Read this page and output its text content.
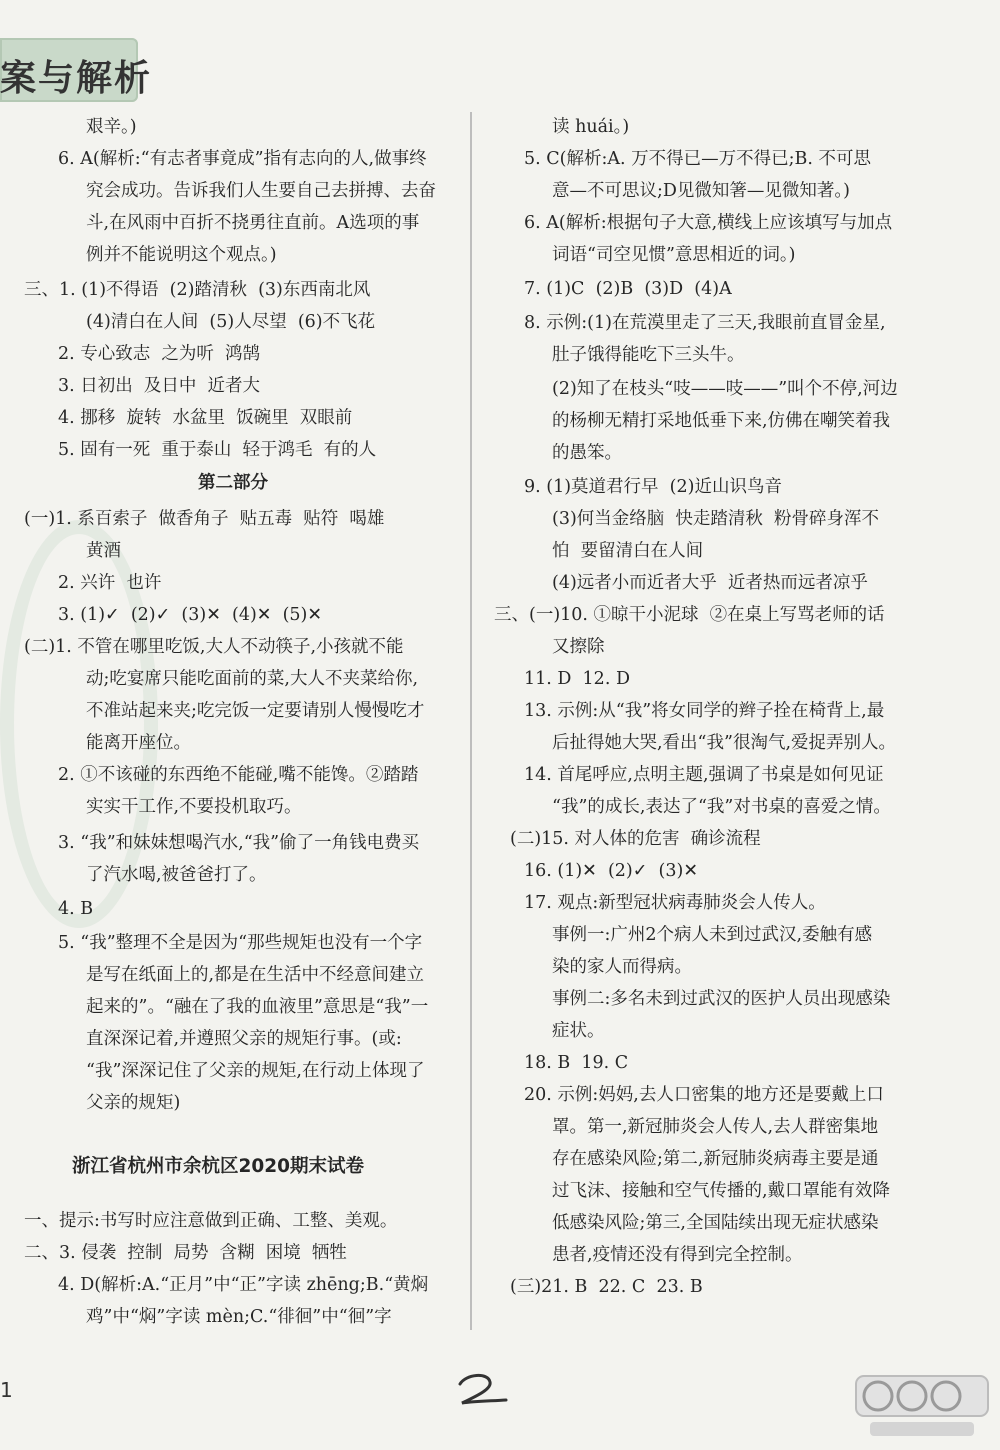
案与解析
艰辛。)
6. A(解析:“有志者事竟成”指有志向的人,做事终
究会成功。告诉我们人生要自己去拼搏、去奋
斗,在风雨中百折不挠勇往直前。A选项的事
例并不能说明这个观点。)
三、1. (1)不得语  (2)踏清秋  (3)东西南北风
(4)清白在人间  (5)人尽望  (6)不飞花
2. 专心致志  之为听  鸿鹄
3. 日初出  及日中  近者大
4. 挪移  旋转  水盆里  饭碗里  双眼前
5. 固有一死  重于泰山  轻于鸿毛  有的人
第二部分
(一)1. 系百索子  做香角子  贴五毒  贴符  喝雄
黄酒
2. 兴许  也许
3. (1)✓  (2)✓  (3)✕  (4)✕  (5)✕
(二)1. 不管在哪里吃饭,大人不动筷子,小孩就不能
动;吃宴席只能吃面前的菜,大人不夹菜给你,
不准站起来夹;吃完饭一定要请别人慢慢吃才
能离开座位。
2. ①不该碰的东西绝不能碰,嘴不能馋。②踏踏
实实干工作,不要投机取巧。
3. “我”和妹妹想喝汽水,“我”偷了一角钱电费买
了汽水喝,被爸爸打了。
4. B
5. “我”整理不全是因为“那些规矩也没有一个字
是写在纸面上的,都是在生活中不经意间建立
起来的”。“融在了我的血液里”意思是“我”一
直深深记着,并遵照父亲的规矩行事。(或:
“我”深深记住了父亲的规矩,在行动上体现了
父亲的规矩)
浙江省杭州市余杭区2020期末试卷
一、提示:书写时应注意做到正确、工整、美观。
二、3. 侵袭  控制  局势  含糊  困境  牺牲
4. D(解析:A.“正月”中“正”字读 zhēng;B.“黄焖
鸡”中“焖”字读 mèn;C.“徘徊”中“徊”字
读 huái。)
5. C(解析:A. 万不得已—万不得已;B. 不可思
意—不可思议;D见微知箸—见微知著。)
6. A(解析:根据句子大意,横线上应该填写与加点
词语“司空见惯”意思相近的词。)
7. (1)C  (2)B  (3)D  (4)A
8. 示例:(1)在荒漠里走了三天,我眼前直冒金星,
肚子饿得能吃下三头牛。
(2)知了在枝头“吱——吱——”叫个不停,河边
的杨柳无精打采地低垂下来,仿佛在嘲笑着我
的愚笨。
9. (1)莫道君行早  (2)近山识鸟音
(3)何当金络脑  快走踏清秋  粉骨碎身浑不
怕  要留清白在人间
(4)远者小而近者大乎  近者热而远者凉乎
三、(一)10. ①晾干小泥球  ②在桌上写骂老师的话
又擦除
11. D  12. D
13. 示例:从“我”将女同学的辫子拴在椅背上,最
后扯得她大哭,看出“我”很淘气,爱捉弄别人。
14. 首尾呼应,点明主题,强调了书桌是如何见证
“我”的成长,表达了“我”对书桌的喜爱之情。
(二)15. 对人体的危害  确诊流程
16. (1)✕  (2)✓  (3)✕
17. 观点:新型冠状病毒肺炎会人传人。
事例一:广州2个病人未到过武汉,委触有感
染的家人而得病。
事例二:多名未到过武汉的医护人员出现感染
症状。
18. B  19. C
20. 示例:妈妈,去人口密集的地方还是要戴上口
罩。第一,新冠肺炎会人传人,去人群密集地
存在感染风险;第二,新冠肺炎病毒主要是通
过飞沫、接触和空气传播的,戴口罩能有效降
低感染风险;第三,全国陆续出现无症状感染
患者,疫情还没有得到完全控制。
(三)21. B  22. C  23. B
1
